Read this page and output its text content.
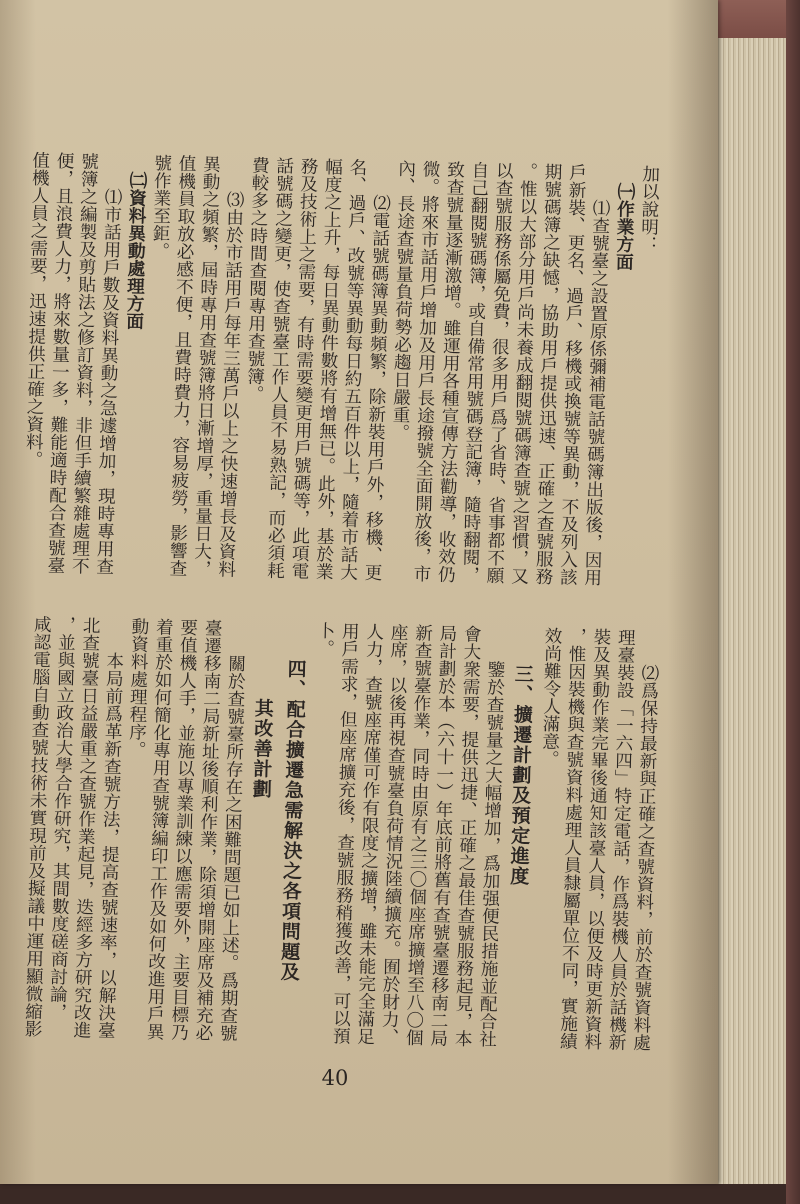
加以說明：
㈠作業方面
⑴查號臺之設置原係彌補電話號碼簿出版後，因用
戶新裝、更名、過戶、移機或換號等異動，不及列入該
期號碼簿之缺憾，協助用戶提供迅速、正確之查號服務
。惟以大部分用戶尚未養成翻閱號碼簿查號之習慣，又
以查號服務係屬免費，很多用戶爲了省時、省事都不願
自己翻閱號碼簿，或自備常用號碼登記簿，隨時翻閱，
致查號量逐漸激增。雖運用各種宣傳方法勸導，收效仍
微。將來市話用戶增加及用戶長途撥號全面開放後，市
內、長途查號量負荷勢必趨日嚴重。
⑵電話號碼簿異動頻繁，除新裝用戶外，移機、更
名、過戶、改號等異動每日約五百件以上，隨着市話大
幅度之上升，每日異動件數將有增無已。此外，基於業
務及技術上之需要，有時需要變更用戶號碼等，此項電
話號碼之變更，使查號臺工作人員不易熟記，而必須耗
費較多之時間查閱專用查號簿。
⑶由於市話用戶每年三萬戶以上之快速增長及資料
異動之頻繁，屆時專用查號簿將日漸增厚，重量日大，
值機員取放必感不便，且費時費力，容易疲勞，影響查
號作業至鉅。
㈡資料異動處理方面
⑴市話用戶數及資料異動之急遽增加，現時專用查
號簿之編製及剪貼法之修訂資料，非但手續繁雜處理不
便，且浪費人力，將來數量一多，難能適時配合查號臺
值機人員之需要，迅速提供正確之資料。
⑵爲保持最新與正確之查號資料，前於查號資料處
理臺裝設「一六四」特定電話，作爲裝機人員於話機新
裝及異動作業完畢後通知該臺人員，以便及時更新資料
，惟因裝機與查號資料處理人員隸屬單位不同，實施績
效尚難令人滿意。
三、擴遷計劃及預定進度
鑒於查號量之大幅增加，爲加强便民措施並配合社
會大衆需要，提供迅捷、正確之最佳查號服務起見，本
局計劃於本（六十一）年底前將舊有查號臺遷移南二局
新查號臺作業，同時由原有之三〇個座席擴增至八〇個
座席，以後再視查號臺負荷情況陸續擴充。囿於財力、
人力，查號座席僅可作有限度之擴增，雖未能完全滿足
用戶需求，但座席擴充後，查號服務稍獲改善，可以預
卜。
四、配合擴遷急需解決之各項問題及
其改善計劃
關於查號臺所存在之困難問題已如上述。爲期查號
臺遷移南二局新址後順利作業，除須增開座席及補充必
要值機人手，並施以專業訓練以應需要外，主要目標乃
着重於如何簡化專用查號簿編印工作及如何改進用戶異
動資料處理程序。
本局前爲革新查號方法，提高查號速率，以解決臺
北查號臺日益嚴重之查號作業起見，迭經多方研究改進
，並與國立政治大學合作研究，其間數度磋商討論，
咸認電腦自動查號技術未實現前及擬議中運用顯微縮影
40
